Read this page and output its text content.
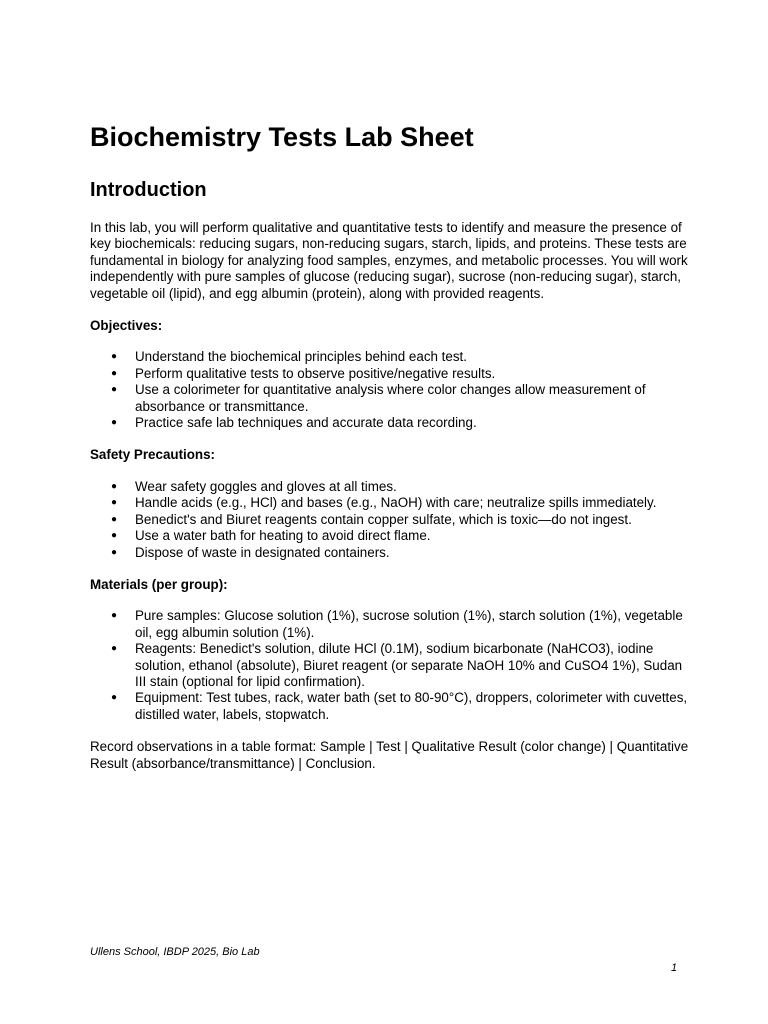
Biochemistry Tests Lab Sheet
Introduction

In this lab, you will perform qualitative and quantitative tests to identify and measure the presence of key biochemicals: reducing sugars, non-reducing sugars, starch, lipids, and proteins. These tests are fundamental in biology for analyzing food samples, enzymes, and metabolic processes. You will work independently with pure samples of glucose (reducing sugar), sucrose (non-reducing sugar), starch, vegetable oil (lipid), and egg albumin (protein), along with provided reagents.

Objectives:

● Understand the biochemical principles behind each test.
● Perform qualitative tests to observe positive/negative results.
● Use a colorimeter for quantitative analysis where color changes allow measurement of absorbance or transmittance.
● Practice safe lab techniques and accurate data recording.

Safety Precautions:

● Wear safety goggles and gloves at all times.
● Handle acids (e.g., HCl) and bases (e.g., NaOH) with care; neutralize spills immediately.
● Benedict's and Biuret reagents contain copper sulfate, which is toxic—do not ingest.
● Use a water bath for heating to avoid direct flame.
● Dispose of waste in designated containers.

Materials (per group):

● Pure samples: Glucose solution (1%), sucrose solution (1%), starch solution (1%), vegetable oil, egg albumin solution (1%).
● Reagents: Benedict's solution, dilute HCl (0.1M), sodium bicarbonate (NaHCO3), iodine solution, ethanol (absolute), Biuret reagent (or separate NaOH 10% and CuSO4 1%), Sudan III stain (optional for lipid confirmation).
● Equipment: Test tubes, rack, water bath (set to 80-90°C), droppers, colorimeter with cuvettes, distilled water, labels, stopwatch.

Record observations in a table format: Sample | Test | Qualitative Result (color change) | Quantitative Result (absorbance/transmittance) | Conclusion.

Ullens School, IBDP 2025, Bio Lab
1
